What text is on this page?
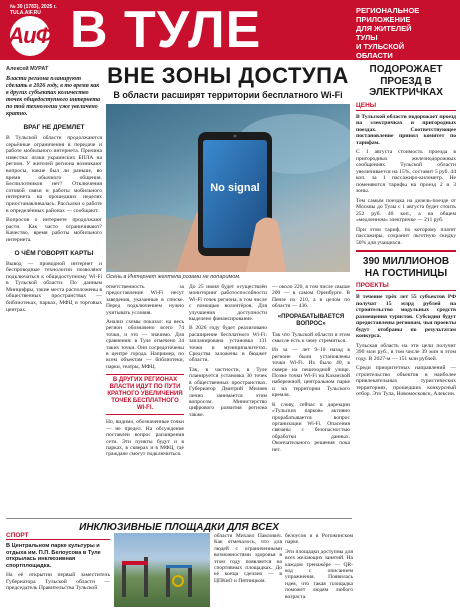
№ 30 (1783), 2025 г.
TULA.AIF.RU
АиФ В ТУЛЕ	РЕГИОНАЛЬНОЕ
ПРИЛОЖЕНИЕ
ДЛЯ ЖИТЕЛЕЙ
ТУЛЫ
И ТУЛЬСКОЙ
ОБЛАСТИ
ВНЕ ЗОНЫ ДОСТУПА
В области расширят территории бесплатного Wi-Fi
No signal
Осень в Интернет желтела розами не попаримом.
Алексей МУРАТ
Власти региона планируют сделать в 2026 году, в то время как в других субъектах количество точек общедоступного интернета по той технологии уже увеличено кратно.
ВРАГ НЕ ДРЕМЛЕТ
В Тульской области продолжаются серьёзные ограничения в передаче и работе мобильного интернета. Причина известна: атаки украинских БПЛА на регион. У жителей региона возникают вопросы, какие был ли раньше, во время обычного общения. Беспилотников нет? Отключения сотовой связи и работы мобильного интернета на прошедших неделях приостанавливалась. Рассылки о работе в определённых районах — сообщают.
Вопросов о интернете продолжают расти. Как часто ограничивают? Качество, время работы мобильного интернета.
О ЧЁМ ГОВОРЯТ КАРТЫ
Вывод — проводной интернет и беспроводные технологии позволяют подключаться к общедоступному Wi-Fi в Тульской области. По данным Минцифры, такие места расположены в общественных пространствах — библиотеках, парках, МФЦ и торговых центрах.
ответственность за предоставление Wi-Fi несут заведения, указанные в списке. Перед подключением нужно учитывать условия.
Анализ схемы показал: на весь регион обозначено всего 74 точки, и это — значимо. Для сравнения: в Туле отмечено 34 таких точки. Они сосредоточены в центре города. Например, по всем объектам — библиотеки, парки, театры, МФЦ.
В ДРУГИХ РЕГИОНАХ ВЛАСТИ ИДУТ ПО ПУТИ КРАТНОГО УВЕЛИЧЕНИЯ ТОЧЕК БЕСПЛАТНОГО WI-FI.
Но, видимо, обозначенные точки — не предел. На обсуждение поставлен вопрос расширения сети. Эти пункты будут и в парках, в скверах и в МФЦ, где граждане смогут подключиться.
До 25 июня будет осуществлён мониторинг работоспособности Wi-Fi точек региона, в том числе с помощью волонтёров. Для улучшения доступности выделено финансирование.
В 2026 году будет реализовано расширение бесплатного Wi-Fi: запланирована установка 131 точки в муниципалитетах. Средства заложены в бюджет области.
Так, в частности, в Туле планируется установка 30 точек в общественных пространствах. Губернатор Дмитрий Миляев лично занимается этим вопросом. Министерство цифрового развития региона также.
— около 220, в том числе свыше 200 — в самом Оренбурге. В Пензе их 210, а в целом по области — 436.
«ПРОРАБАТЫВАЕТСЯ ВОПРОС»
Так что Тульской области в этом смысле есть к чему стремиться.
Из за — лет 9–10 назад в регионе были установлены точки Wi-Fi. Их было 40, в сквере на пешеходной улице. Позже точки Wi-Fi на Казанской набережной, центральном парке и на территории Тульского кремля.
К слову, сейчас в дирекции «Тульских парков» активно прорабатывается вопрос организации Wi-Fi. Опасения связаны с безопасностью обработки данных. Окончательного решения пока нет.
ПОДОРОЖАЕТ ПРОЕЗД В ЭЛЕКТРИЧКАХ
ЦЕНЫ
В Тульской области подорожает проезд на электричках и пригородных поездах. Соответствующее постановление принял комитет по тарифам.
С 1 августа стоимость проезда в пригородных железнодорожных сообщениях Тульской области увеличивается на 15%, составит 5 руб. 44 коп. за 1 пассажиро-километр. Не поменяются тарифы на проезд 2 и 3 зоны.
Тем самым поездка на дизель-поезде от Москвы до Тулы с 1 августа будет стоить 252 руб. 40 коп., а на общем «медленном» электричке — 211 руб.
При этом тариф, по которому платят пассажиры, сохранит льготную скидку 50% для учащихся.
390 МИЛЛИОНОВ НА ГОСТИНИЦЫ
ПРОЕКТЫ
В течение трёх лет 55 субъектов РФ получат 15 млрд рублей на строительство модульных средств размещения туристов. Субсидии будут предоставлены регионам, чьи проекты будут отобраны по результатам конкурса.
Тульская область на эти цели получит 390 млн руб., в том числе 39 млн в этом году. В 2027-м — 151 млн рублей.
Среди приоритетных направлений — строительство объектов в наиболее привлекательных туристических территориях, прошедших конкурсный отбор. Это Тула, Новомосковск, Алексин.
ИНКЛЮЗИВНЫЕ ПЛОЩАДКИ ДЛЯ ВСЕХ
СПОРТ
В Центральном парке культуры и отдыха им. П.П. Белоусова в Туле открылась инклюзивная спортплощадка.
На её открытии первый заместитель Губернатора Тульской области — председатель Правительства Тульской
области Михаил Павлович. Как отмечалось, что для людей с ограниченными возможностями здоровья в этом году появляется на спортивных площадках. До её конца сделано — в ЦПКиО и Пятницком.
белоусов и в Рогожинском парке.
Эти площадки доступны для всех желающих занятий. На каждом тренажёре — QR-код с описанием упражнения. Появилась идея, что такая площадка поможет людям любого возраста.
